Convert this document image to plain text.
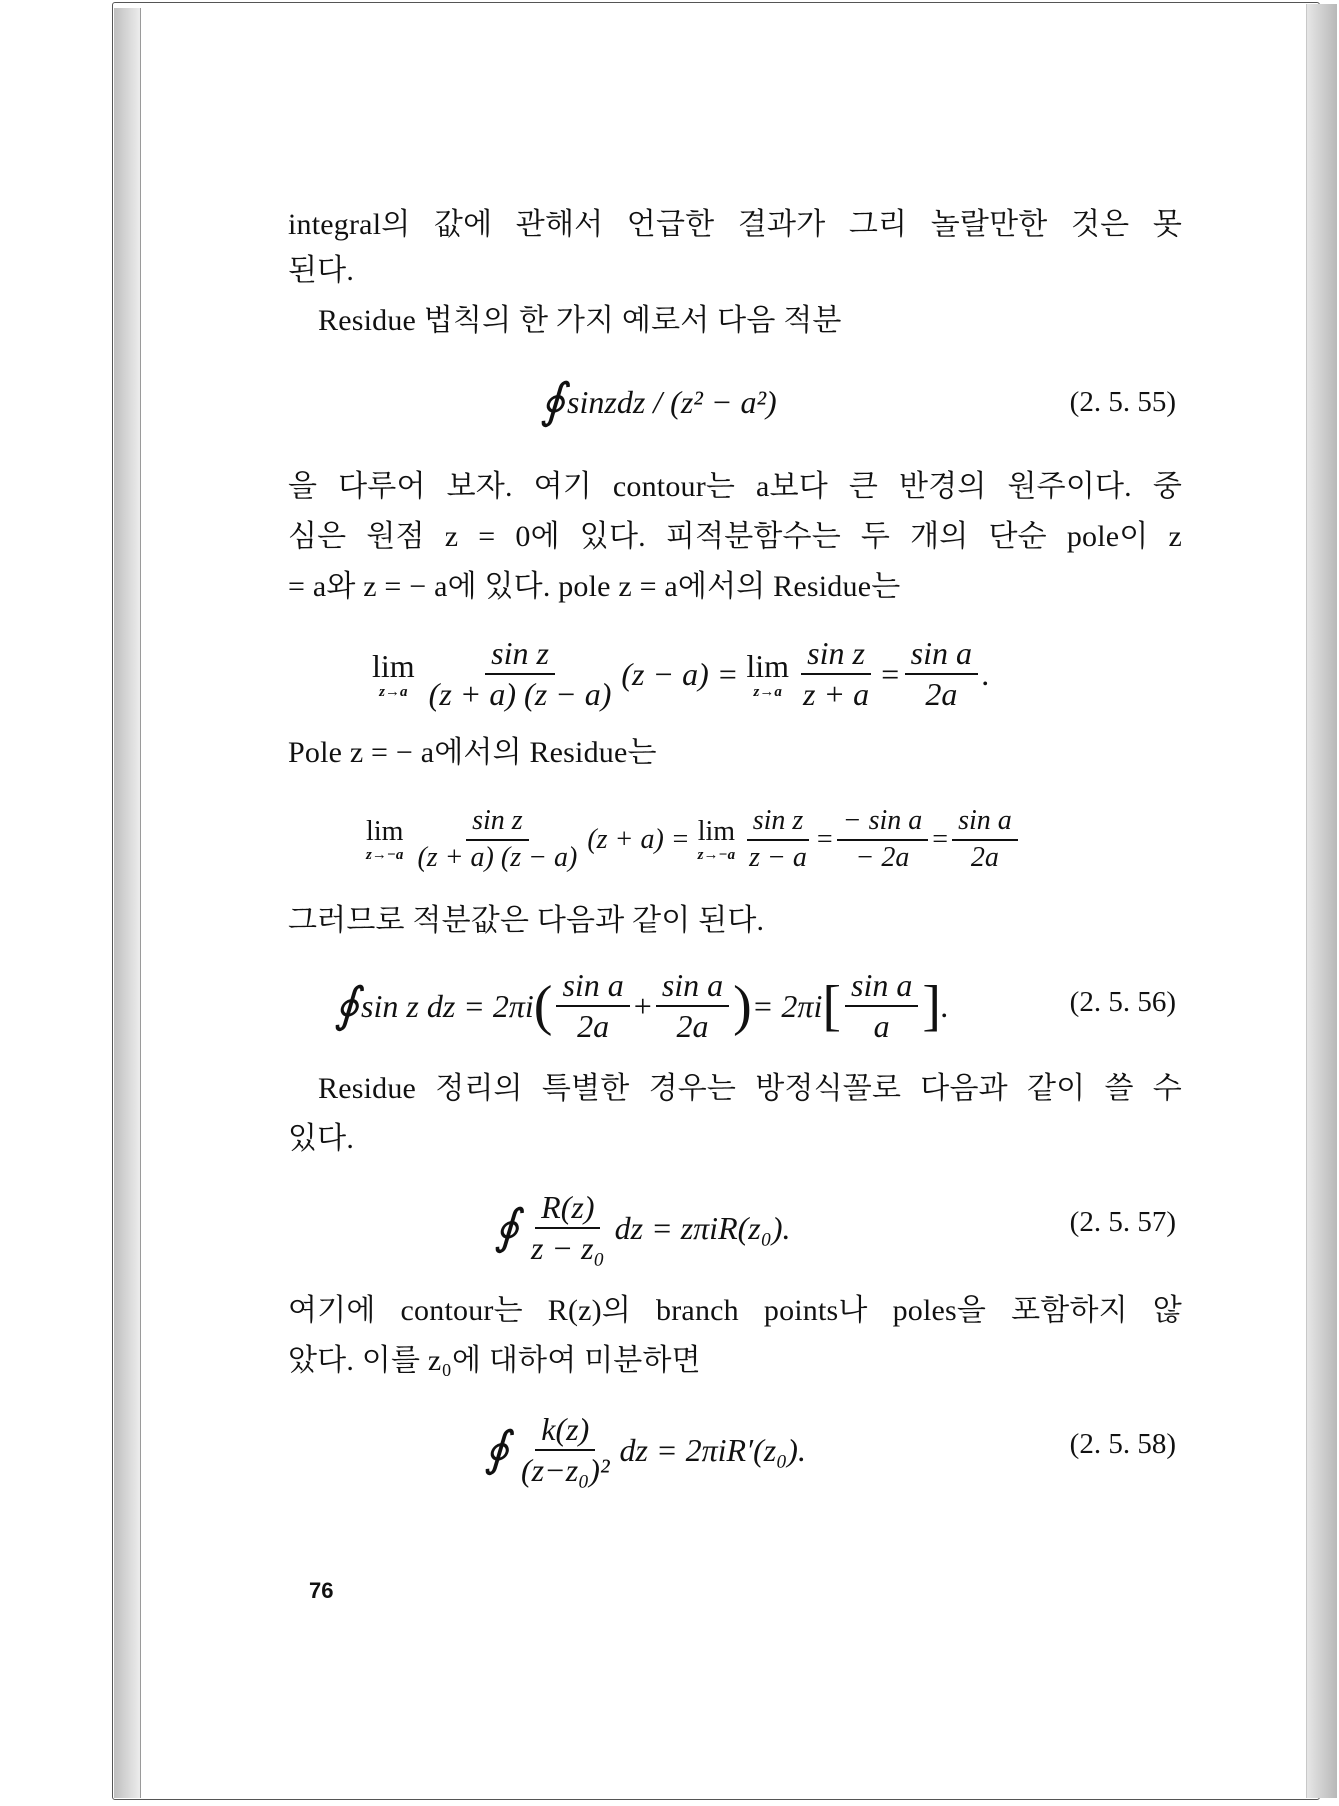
integral의 값에 관해서 언급한 결과가 그리 놀랄만한 것은 못
된다.
Residue 법칙의 한 가지 예로서 다음 적분
∮ sinzdz / (z² − a²)	(2. 5. 55)
을 다루어 보자. 여기 contour는 a보다 큰 반경의 원주이다. 중
심은 원점 z = 0에 있다. 피적분함수는 두 개의 단순 pole이 z
= a와 z = − a에 있다. pole z = a에서의 Residue는
lim
$z\to a \frac{\text{sin z}}{(z + a) (z - a)} (z - a) = \lim$
$z\to a \frac{\text{sin z}}{z + a} = \frac{\text{sin a}}{2a}$ .
Pole z = − a에서의 Residue는
lim
$z\to-a \frac{\text{sin z}}{(z + a) (z - a)} (z + a) = \lim$
$z\to-a \frac{\text{sin z}}{z - a} = \frac{\text{− sin a}}{- 2a} = \frac{\text{sin a}}{2a}$
그러므로 적분값은 다음과 같이 된다.
∮ sin z dz = 2πi ( $\frac{\text{sin a}}{2a} + \frac{\text{sin a}}{2a}$ ) = 2πi [ $\frac{\text{sin a}}{a}$ ] .	(2. 5. 56)
Residue 정리의 특별한 경우는 방정식꼴로 다음과 같이 쓸 수
있다.
∮ $\frac{R(z)}{\text{z − z₀}}$ dz = zπiR(z₀).	(2. 5. 57)
여기에 contour는 R(z)의 branch points나 poles을 포함하지 않
았다. 이를 z₀에 대하여 미분하면
∮ $\frac{k(z)}{\text{(z−z₀)²}}$ dz = 2πiR′(z₀).	(2. 5. 58)
76
